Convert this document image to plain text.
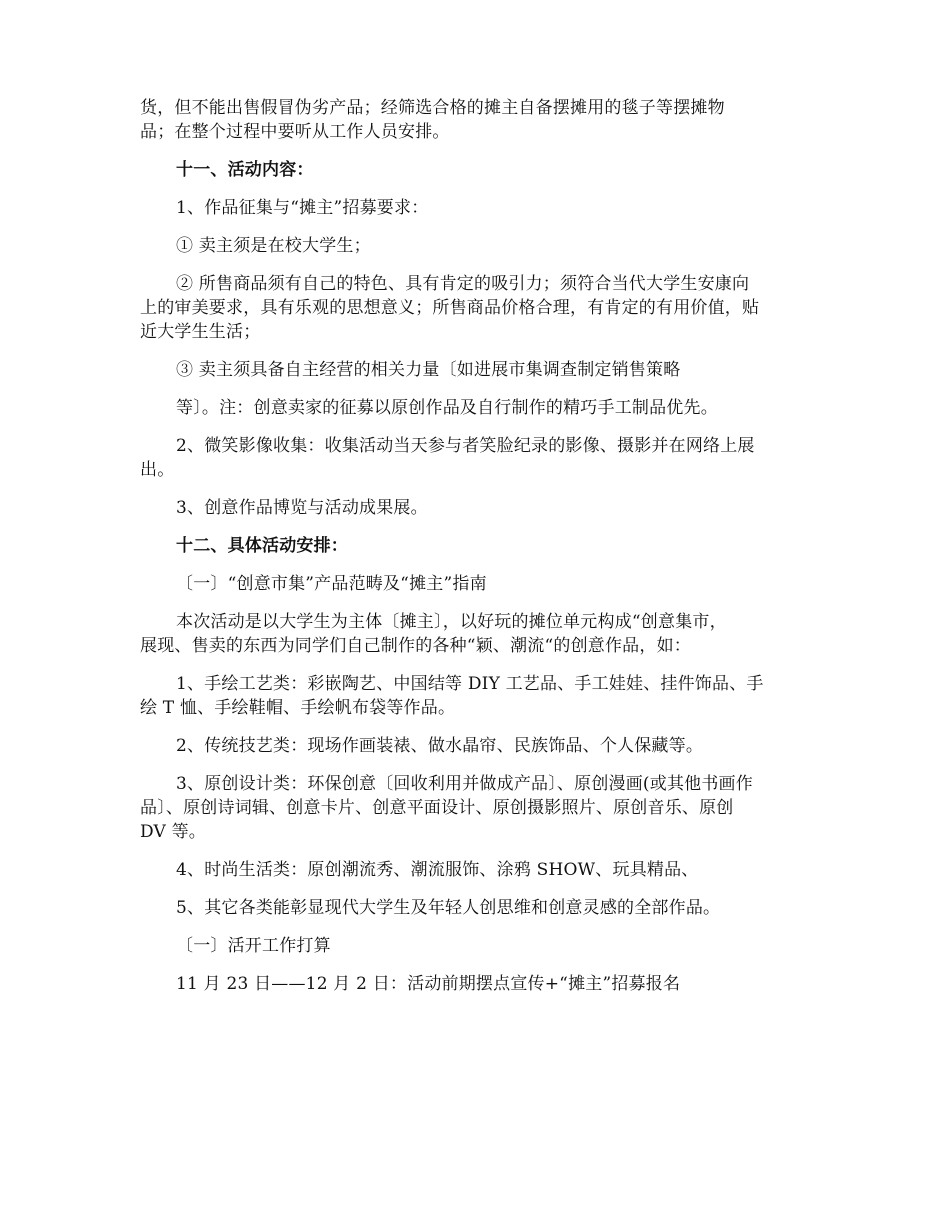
货，但不能出售假冒伪劣产品；经筛选合格的摊主自备摆摊用的毯子等摆摊物
品；在整个过程中要听从工作人员安排。
十一、活动内容：
1、作品征集与“摊主”招募要求：
① 卖主须是在校大学生；
② 所售商品须有自己的特色、具有肯定的吸引力；须符合当代大学生安康向
上的审美要求，具有乐观的思想意义；所售商品价格合理，有肯定的有用价值，贴
近大学生生活；
③ 卖主须具备自主经营的相关力量〔如进展市集调查制定销售策略
等〕。注：创意卖家的征募以原创作品及自行制作的精巧手工制品优先。
2、微笑影像收集：收集活动当天参与者笑脸纪录的影像、摄影并在网络上展
出。
3、创意作品博览与活动成果展。
十二、具体活动安排：
〔一〕“创意市集”产品范畴及“摊主”指南
本次活动是以大学生为主体〔摊主〕，以好玩的摊位单元构成“创意集市，
展现、售卖的东西为同学们自己制作的各种“颖、潮流“的创意作品，如：
1、手绘工艺类：彩嵌陶艺、中国结等 DIY 工艺品、手工娃娃、挂件饰品、手
绘 T 恤、手绘鞋帽、手绘帆布袋等作品。
2、传统技艺类：现场作画装裱、做水晶帘、民族饰品、个人保藏等。
3、原创设计类：环保创意〔回收利用并做成产品〕、原创漫画(或其他书画作
品〕、原创诗词辑、创意卡片、创意平面设计、原创摄影照片、原创音乐、原创
DV 等。
4、时尚生活类：原创潮流秀、潮流服饰、涂鸦 SHOW、玩具精品、
5、其它各类能彰显现代大学生及年轻人创思维和创意灵感的全部作品。
〔一〕活开工作打算
11 月 23 日——12 月 2 日：活动前期摆点宣传+“摊主”招募报名
